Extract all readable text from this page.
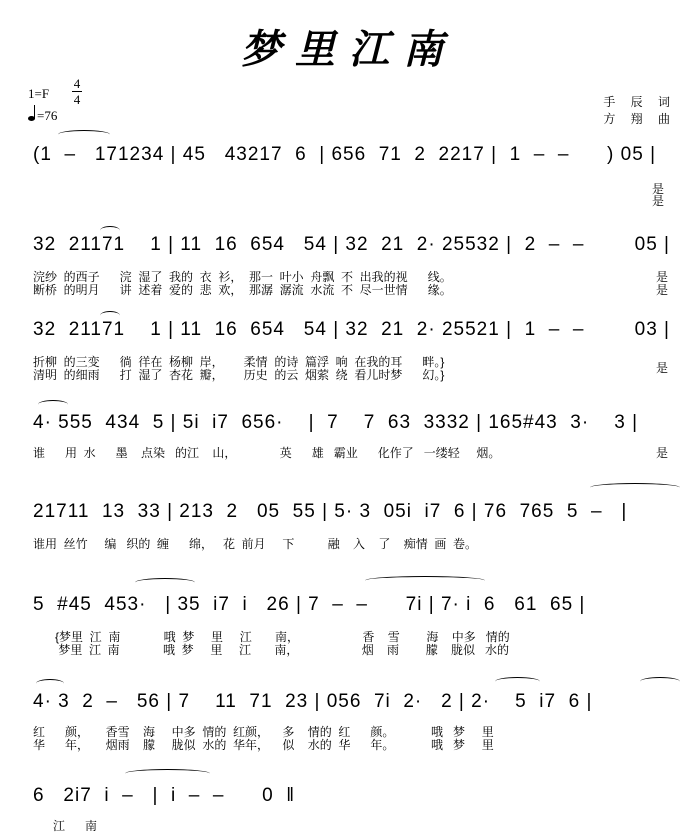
梦里江南
1=F
4
4
=76
手 辰 词
方 翔 曲
(1  –   171234 | 45   43217  6  | 656  71  2  2217 |  1  –  –      ) 05 |
是
是
32  21171    1 | 11  16  654   54 | 32  21  2· 25532 |  2  –  –        05 |
浣纱  的西子      浣  湿了  我的  衣  衫，  那一  叶小  舟飘  不  出我的视      线。
断桥  的明月      讲  述着  爱的  悲  欢，  那潺  潺流  水流  不  尽一世情      缘。
是
是
32  21171    1 | 11  16  654   54 | 32  21  2· 25521 |  1  –  –        03 |
折柳  的三变      徜  徉在  杨柳  岸，      柔情  的诗  篇浮  响  在我的耳      畔。}
清明  的细雨      打  湿了  杏花  瓣，      历史  的云  烟萦  绕  看儿时梦      幻。}	是
4· 555  434  5 | 5i  i7  656·    |  7    7  63  3332 | 165#43  3·    3 |
谁      用  水      墨    点染   的江    山，             英      雄   霸业      化作了   一缕轻     烟。	是
21711  13  33 | 213  2   05  55 | 5· 3  05i  i7  6 | 76  765  5  –   |
谁用  丝竹     编   织的  缠      绵，   花  前月     下          融    入    了    痴情  画  卷。
5  #45  453·   | 35  i7  i   26 | 7  –  –      7i | 7· i  6   61  65 |
{梦里  江  南             哦  梦     里     江       南，                   香    雪        海    中多   情的
梦里  江  南             哦  梦     里     江       南，                   烟    雨        朦    胧似   水的
4· 3  2  –   56 | 7    11  71  23 | 056  7i  2·   2 | 2·    5  i7  6 |
红      颜，     香雪    海     中多  情的  红颜，    多    情的  红      颜。           哦   梦     里
华      年，     烟雨    朦     胧似  水的  华年，    似    水的  华      年。           哦   梦     里
6   2i7  i  –   |  i  –  –      0  ‖
江      南
